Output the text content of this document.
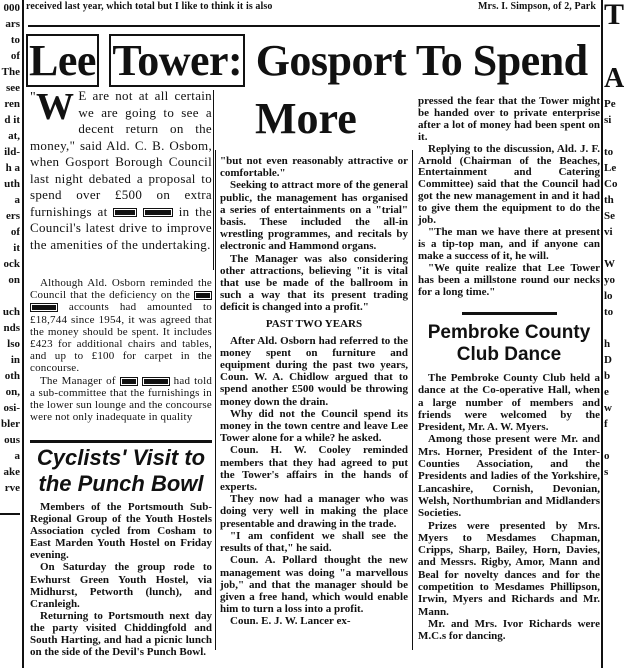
000
ars
to
of
The
see
ren
d it
at,
ild-
h a
uth
a
ers
of
it
ock
on

uch
nds
lso
in
oth
on,
osi-
bler
ous
a
ake
rve
T

A
Pe
si

to
Le
Co
th
Se
vi

W
yo
lo
to

h
D
b
e
w
f

o
s
received last year, which total but I like to think it is also	Mrs. I. Simpson, of 2, Park
Lee Tower: Gosport To Spend
More
" W E are not at all certain we are going to see a decent return on the money," said Ald. C. B. Osbom, when Gosport Borough Council last night debated a proposal to spend over £500 on extra furnishings at	in the Council's latest drive to improve the amenities of the undertaking.

Although Ald. Osborn reminded the Council that the deficiency on the   accounts had amounted to £18,744 since 1954, it was agreed that the money should be spent. It includes £423 for additional chairs and tables, and up to £100 for carpet in the concourse.

The Manager of	had told a sub-committee that the furnishings in the lower sun lounge and the concourse were not only inadequate in quality

Cyclists' Visit to the Punch Bowl

Members of the Portsmouth Sub-Regional Group of the Youth Hostels Association cycled from Cosham to East Marden Youth Hostel on Friday evening.

On Saturday the group rode to Ewhurst Green Youth Hostel, via Midhurst, Petworth (lunch), and Cranleigh.

Returning to Portsmouth next day the party visited Chiddingfold and South Harting, and had a picnic lunch on the side of the Devil's Punch Bowl.

"but not even reasonably attractive or comfortable."

Seeking to attract more of the general public, the management has organised a series of entertainments on a "trial" basis. These included the all-in wrestling programmes, and recitals by electronic and Hammond organs.

The Manager was also considering other attractions, believing "it is vital that use be made of the ballroom in such a way that its present trading deficit is changed into a profit."

PAST TWO YEARS

After Ald. Osborn had referred to the money spent on furniture and equipment during the past two years, Coun. W. A. Chidlow argued that to spend another £500 would be throwing money down the drain.

Why did not the Council spend its money in the town centre and leave Lee Tower alone for a while? he asked.

Coun. H. W. Cooley reminded members that they had agreed to put the Tower's affairs in the hands of experts.

They now had a manager who was doing very well in making the place presentable and drawing in the trade.

"I am confident we shall see the results of that," he said.

Coun. A. Pollard thought the new management was doing "a marvellous job," and that the manager should be given a free hand, which would enable him to turn a loss into a profit.

Coun. E. J. W. Lancer ex-

pressed the fear that the Tower might be handed over to private enterprise after a lot of money had been spent on it.

Replying to the discussion, Ald. J. F. Arnold (Chairman of the Beaches, Entertainment and Catering Committee) said that the Council had got the new management in and it had to give them the equipment to do the job.

"The man we have there at present is a tip-top man, and if anyone can make a success of it, he will.

"We quite realize that Lee Tower has been a millstone round our necks for a long time."

Pembroke County Club Dance

The Pembroke County Club held a dance at the Co-operative Hall, when a large number of members and friends were welcomed by the President, Mr. A. W. Myers.

Among those present were Mr. and Mrs. Horner, President of the Inter-Counties Association, and the Presidents and ladies of the Yorkshire, Lancashire, Cornish, Devonian, Welsh, Northumbrian and Midlanders Societies.

Prizes were presented by Mrs. Myers to Mesdames Chapman, Cripps, Sharp, Bailey, Horn, Davies, and Messrs. Rigby, Amor, Mann and Beal for novelty dances and for the competition to Mesdames Phillipson, Irwin, Myers and Richards and Mr. Mann.

Mr. and Mrs. Ivor Richards were M.C.s for dancing.
